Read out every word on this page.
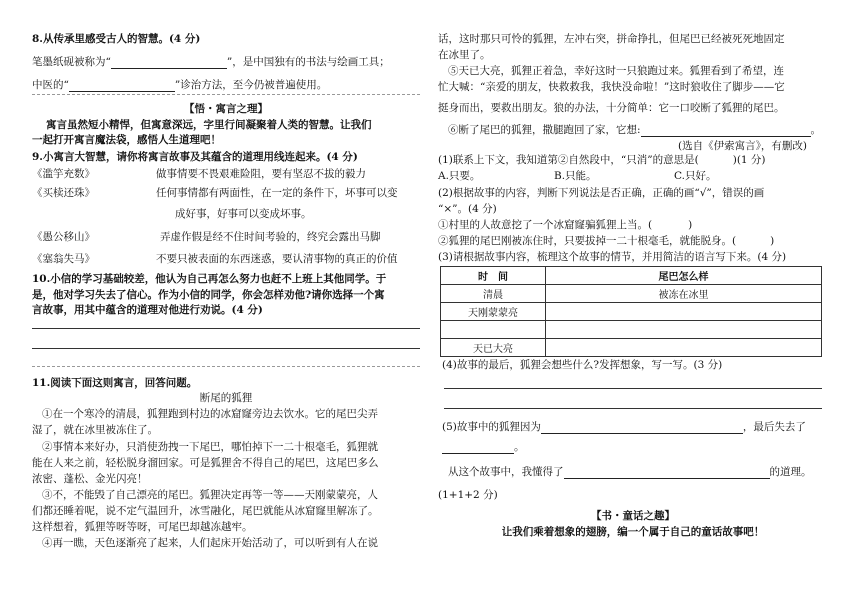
8.从传承里感受古人的智慧。(4 分)
笔墨纸砚被称为“	”，是中国独有的书法与绘画工具；
中医的“	”诊治方法，至今仍被普遍使用。
【悟・寓言之理】
寓言虽然短小精悍，但寓意深远，字里行间凝聚着人类的智慧。让我们
一起打开寓言魔法袋，感悟人生道理吧！
9.小寓言大智慧，请你将寓言故事及其蕴含的道理用线连起来。(4 分)
《滥竽充数》	做事情要不畏艰难险阻，要有坚忍不拔的毅力
《买椟还珠》	任何事情都有两面性，在一定的条件下，坏事可以变
成好事，好事可以变成坏事。
《愚公移山》	弄虚作假是经不住时间考验的，终究会露出马脚
《塞翁失马》	不要只被表面的东西迷惑，要认清事物的真正的价值
10.小信的学习基础较差，他认为自己再怎么努力也赶不上班上其他同学。于
是，他对学习失去了信心。作为小信的同学，你会怎样劝他?请你选择一个寓
言故事，用其中蕴含的道理对他进行劝说。(4 分)
11.阅读下面这则寓言，回答问题。
断尾的狐狸
①在一个寒冷的清晨，狐狸跑到村边的冰窟窿旁边去饮水。它的尾巴尖弄
湿了，就在冰里被冻住了。
②事情本来好办，只消使劲拽一下尾巴，哪怕掉下一二十根毫毛，狐狸就
能在人来之前，轻松脱身溜回家。可是狐狸舍不得自己的尾巴，这尾巴多么
浓密、蓬松、金光闪亮！
③不，不能毁了自己漂亮的尾巴。狐狸决定再等一等——天刚蒙蒙亮，人
们都还睡着呢，说不定气温回升，冰雪融化，尾巴就能从冰窟窿里解冻了。
这样想着，狐狸等呀等呀，可尾巴却越冻越牢。
④再一瞧，天色逐渐亮了起来，人们起床开始活动了，可以听到有人在说
话，这时那只可怜的狐狸，左冲右突，拼命挣扎，但尾巴已经被死死地固定
在冰里了。
⑤天已大亮，狐狸正着急，幸好这时一只狼跑过来。狐狸看到了希望，连
忙大喊：“亲爱的朋友，快救救我，我快没命啦！”这时狼收住了脚步——它
挺身而出，要救出朋友。狼的办法，十分简单：它一口咬断了狐狸的尾巴。
⑥断了尾巴的狐狸，撒腿跑回了家，它想:	。
(选自《伊索寓言》，有删改)
(1)联系上下文，我知道第②自然段中，“只消”的意思是(	)(1 分)
A.只要。	B.只能。	C.只好。
(2)根据故事的内容，判断下列说法是否正确，正确的画“√”，错误的画
“×”。(4 分)
①村里的人故意挖了一个冰窟窿骗狐狸上当。(	)
②狐狸的尾巴刚被冻住时，只要拔掉一二十根毫毛，就能脱身。(	)
(3)请根据故事内容，梳理这个故事的情节，并用简洁的语言写下来。(4 分)
时　间	尾巴怎么样
清晨	被冻在冰里
天刚蒙蒙亮	

天已大亮	
(4)故事的最后，狐狸会想些什么?发挥想象，写一写。(3 分)
(5)故事中的狐狸因为	，最后失去了
。
从这个故事中，我懂得了	的道理。
(1+1+2 分)
【书・童话之趣】
让我们乘着想象的翅膀，编一个属于自己的童话故事吧！
